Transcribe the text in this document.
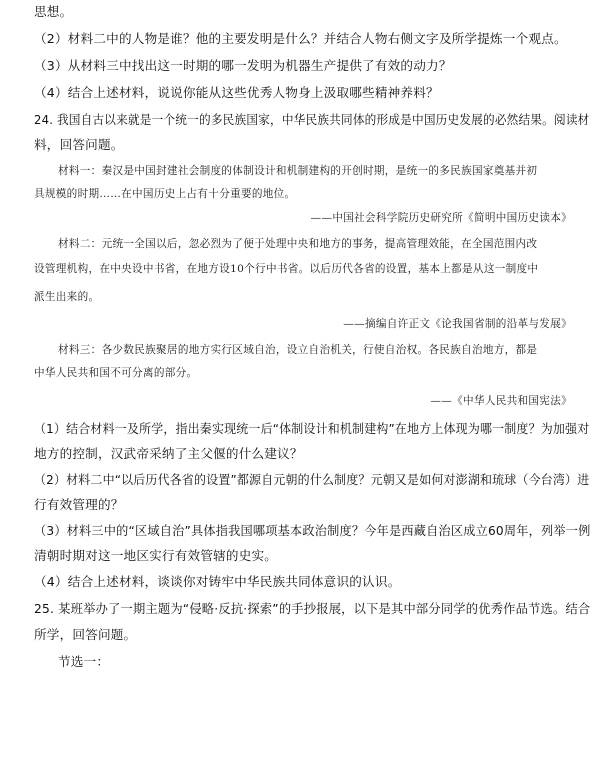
思想。
（2）材料二中的人物是谁？他的主要发明是什么？并结合人物右侧文字及所学提炼一个观点。
（3）从材料三中找出这一时期的哪一发明为机器生产提供了有效的动力？
（4）结合上述材料，说说你能从这些优秀人物身上汲取哪些精神养料？
24. 我国自古以来就是一个统一的多民族国家，中华民族共同体的形成是中国历史发展的必然结果。阅读材
料，回答问题。
材料一：秦汉是中国封建社会制度的体制设计和机制建构的开创时期，是统一的多民族国家奠基并初
具规模的时期……在中国历史上占有十分重要的地位。
——中国社会科学院历史研究所《简明中国历史读本》
材料二：元统一全国以后，忽必烈为了便于处理中央和地方的事务，提高管理效能，在全国范围内改
设管理机构，在中央设中书省，在地方设10个行中书省。以后历代各省的设置，基本上都是从这一制度中
派生出来的。
——摘编自许正文《论我国省制的沿革与发展》
材料三：各少数民族聚居的地方实行区域自治，设立自治机关，行使自治权。各民族自治地方，都是
中华人民共和国不可分离的部分。
——《中华人民共和国宪法》
（1）结合材料一及所学，指出秦实现统一后“体制设计和机制建构”在地方上体现为哪一制度？为加强对
地方的控制，汉武帝采纳了主父偃的什么建议？
（2）材料二中“以后历代各省的设置”都源自元朝的什么制度？元朝又是如何对澎湖和琉球（今台湾）进
行有效管理的？
（3）材料三中的“区域自治”具体指我国哪项基本政治制度？今年是西藏自治区成立60周年，列举一例
清朝时期对这一地区实行有效管辖的史实。
（4）结合上述材料，谈谈你对铸牢中华民族共同体意识的认识。
25. 某班举办了一期主题为“侵略·反抗·探索”的手抄报展，以下是其中部分同学的优秀作品节选。结合
所学，回答问题。
节选一：
